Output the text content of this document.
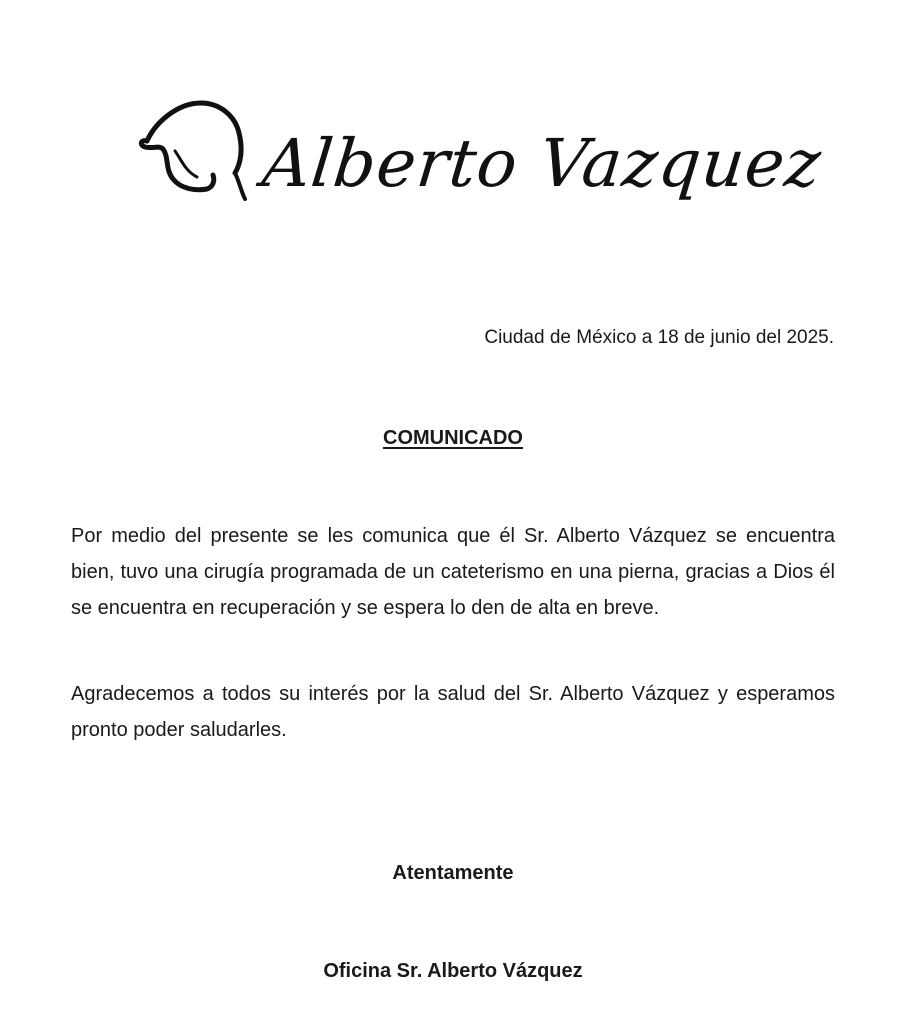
Alberto Vazquez
Ciudad de México a 18 de junio del 2025.
COMUNICADO
Por medio del presente se les comunica que él Sr. Alberto Vázquez se encuentra bien, tuvo una cirugía programada de un cateterismo en una pierna, gracias a Dios él se encuentra en recuperación y se espera lo den de alta en breve.
Agradecemos a todos su interés por la salud del Sr. Alberto Vázquez y esperamos pronto poder saludarles.
Atentamente
Oficina Sr. Alberto Vázquez
